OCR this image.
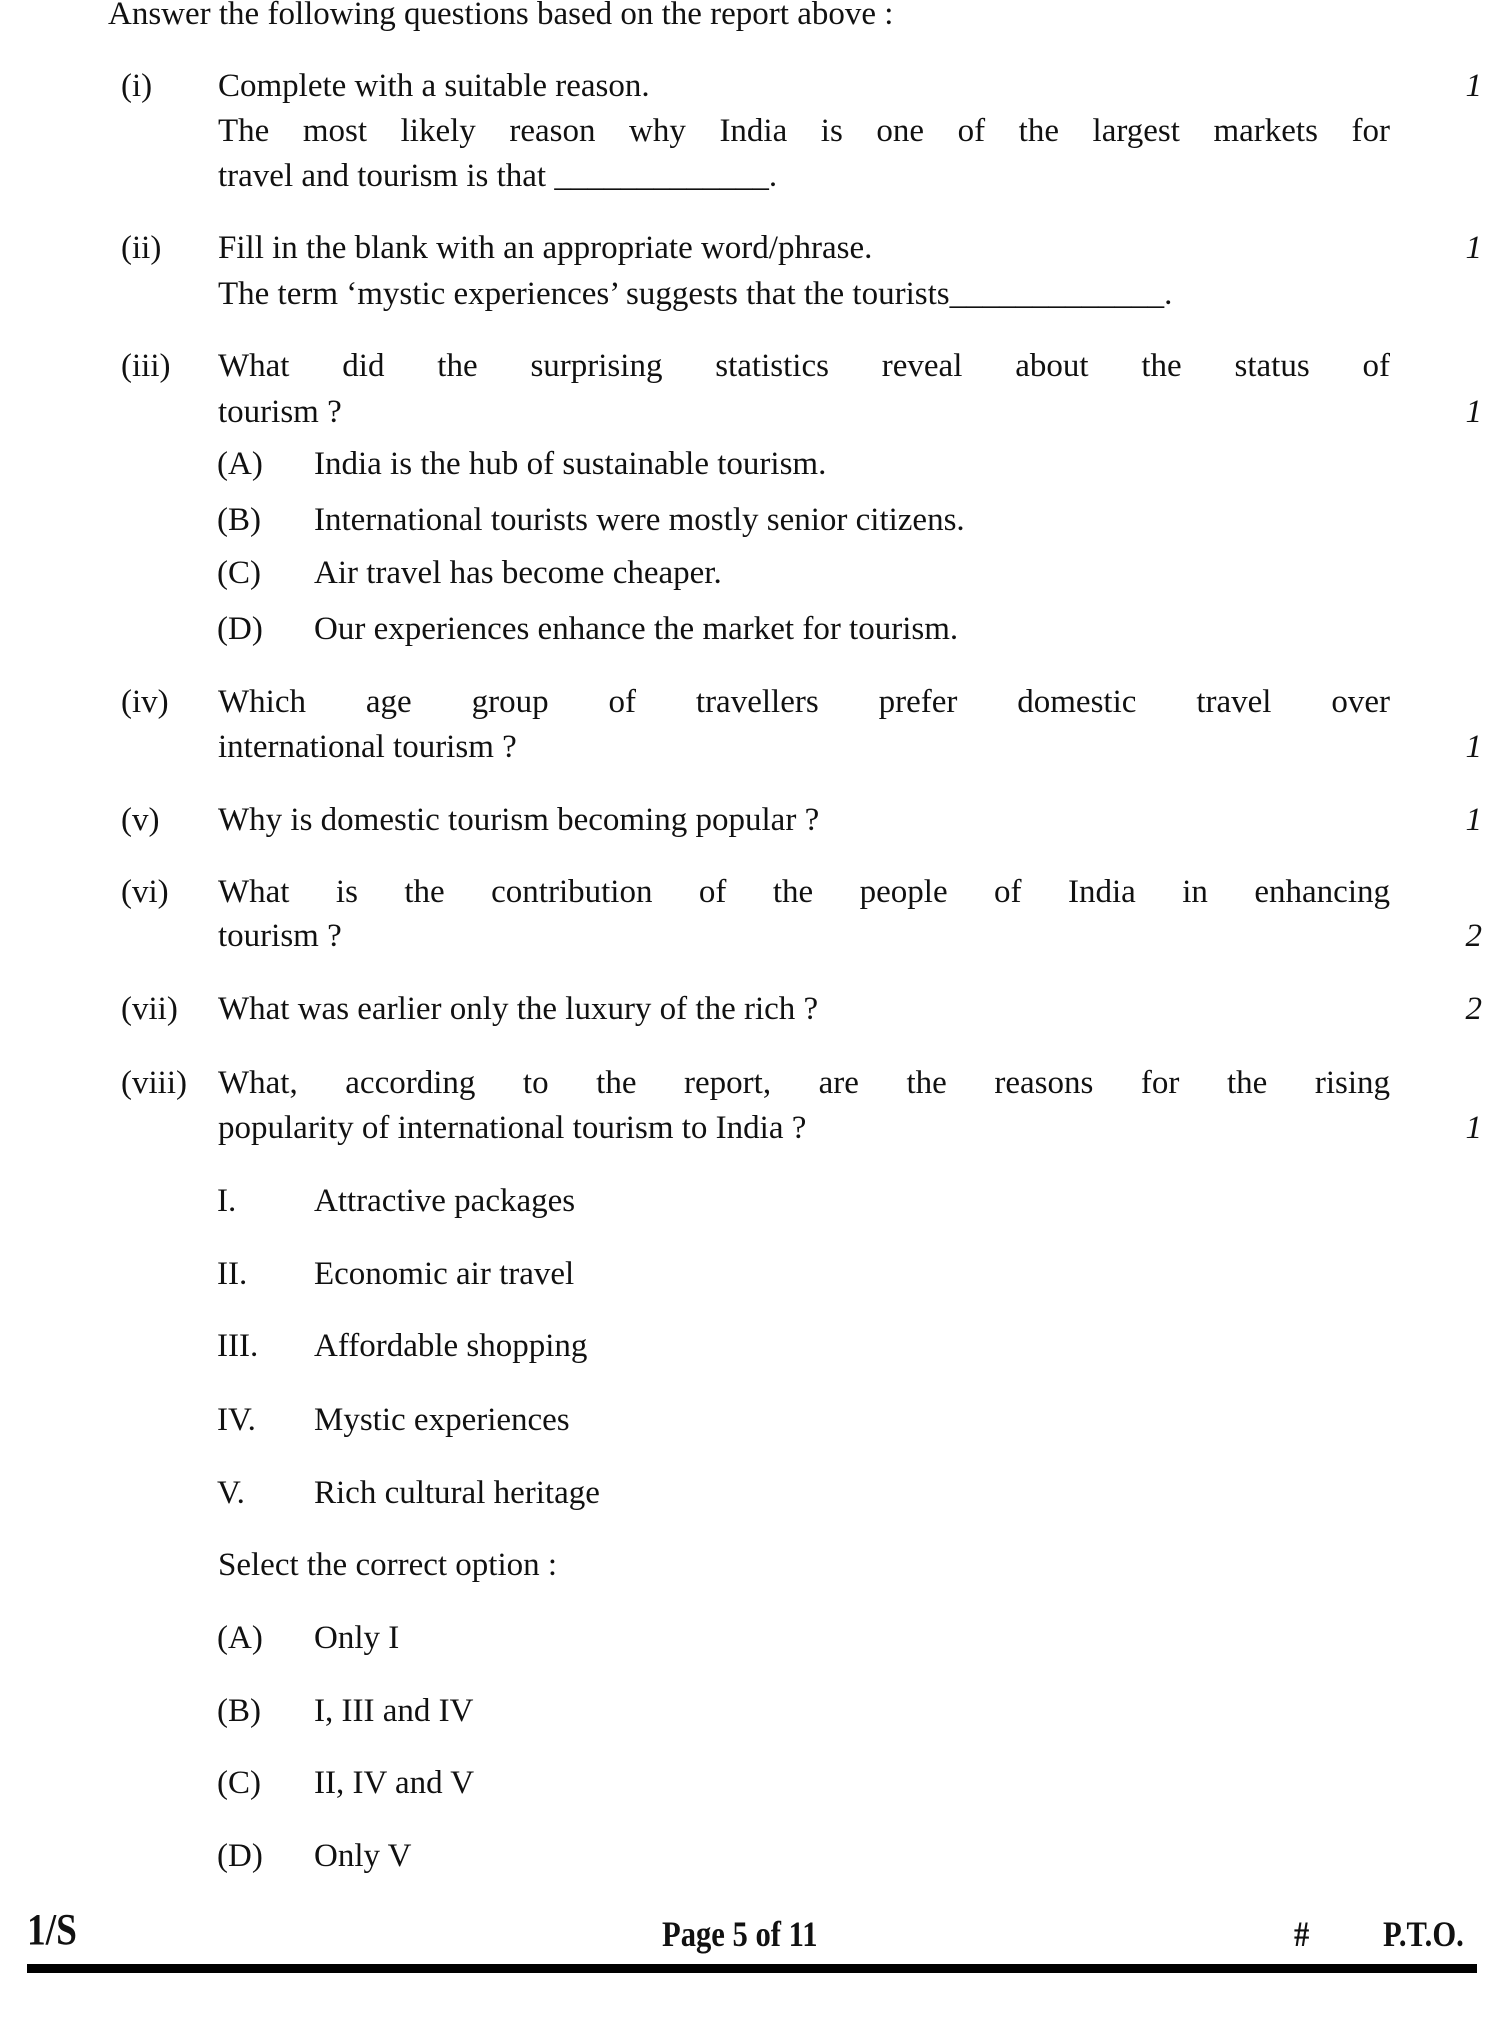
Answer the following questions based on the report above :
(i) Complete with a suitable reason.	1
The most likely reason why India is one of the largest markets for
travel and tourism is that _____________.
(ii) Fill in the blank with an appropriate word/phrase.	1
The term ‘mystic experiences’ suggests that the tourists_____________.
(iii) What did the surprising statistics reveal about the status of
tourism ?	1
(A) India is the hub of sustainable tourism.
(B) International tourists were mostly senior citizens.
(C) Air travel has become cheaper.
(D) Our experiences enhance the market for tourism.
(iv) Which age group of travellers prefer domestic travel over
international tourism ?	1
(v) Why is domestic tourism becoming popular ?	1
(vi) What is the contribution of the people of India in enhancing
tourism ?	2
(vii) What was earlier only the luxury of the rich ?	2
(viii) What, according to the report, are the reasons for the rising
popularity of international tourism to India ?	1
I. Attractive packages
II. Economic air travel
III. Affordable shopping
IV. Mystic experiences
V. Rich cultural heritage
Select the correct option :
(A) Only I
(B) I, III and IV
(C) II, IV and V
(D) Only V
1/S	Page 5 of 11	# P.T.O.
